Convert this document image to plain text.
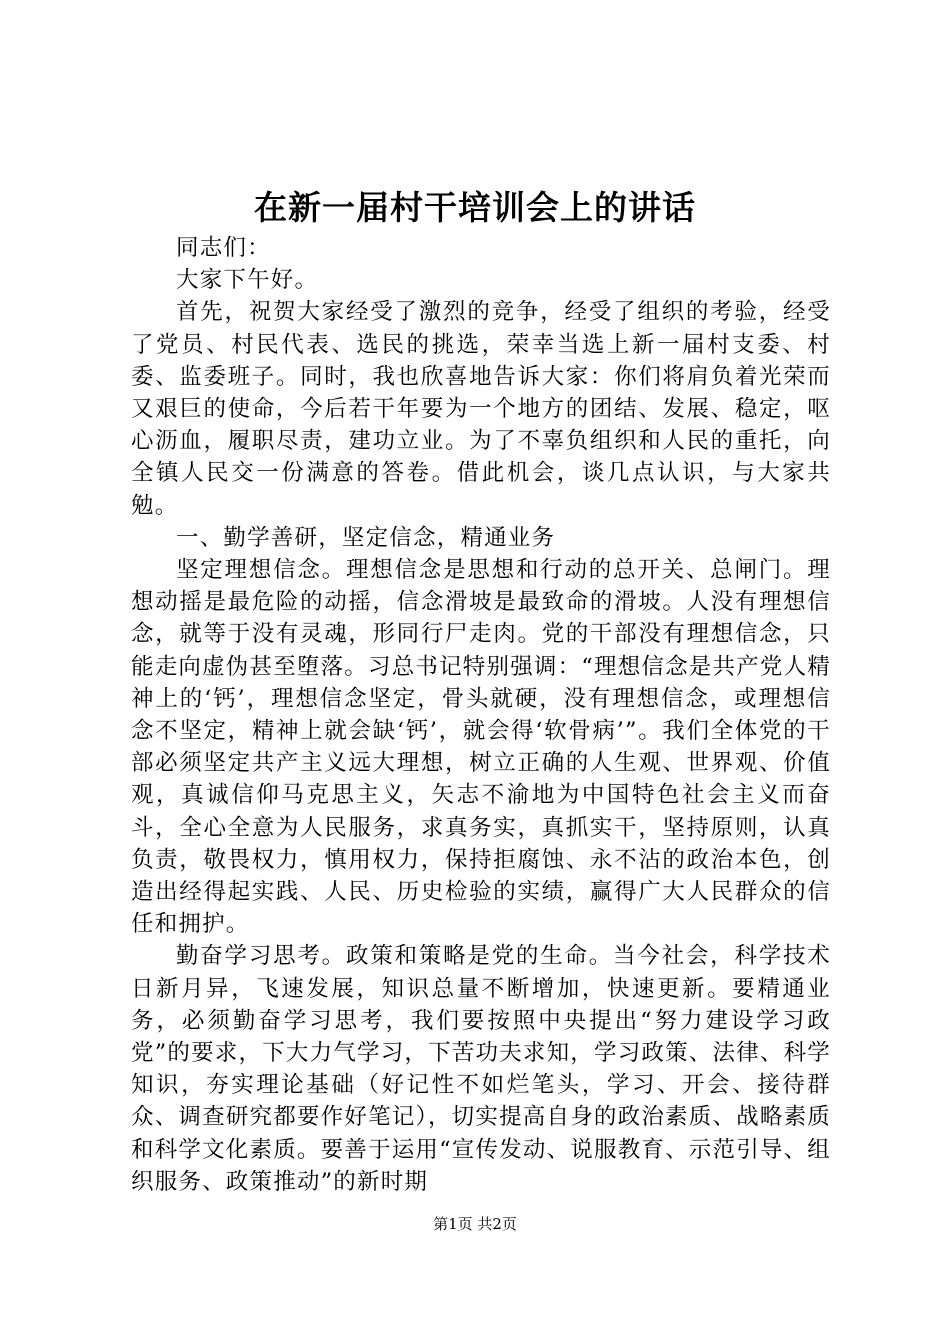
在新一届村干培训会上的讲话

同志们：

大家下午好。

首先，祝贺大家经受了激烈的竞争，经受了组织的考验，经受了党员、村民代表、选民的挑选，荣幸当选上新一届村支委、村委、监委班子。同时，我也欣喜地告诉大家：你们将肩负着光荣而又艰巨的使命，今后若干年要为一个地方的团结、发展、稳定，呕心沥血，履职尽责，建功立业。为了不辜负组织和人民的重托，向全镇人民交一份满意的答卷。借此机会，谈几点认识，与大家共勉。

一、勤学善研，坚定信念，精通业务

坚定理想信念。理想信念是思想和行动的总开关、总闸门。理想动摇是最危险的动摇，信念滑坡是最致命的滑坡。人没有理想信念，就等于没有灵魂，形同行尸走肉。党的干部没有理想信念，只能走向虚伪甚至堕落。习总书记特别强调：“理想信念是共产党人精神上的‘钙’，理想信念坚定，骨头就硬，没有理想信念，或理想信念不坚定，精神上就会缺‘钙’，就会得‘软骨病’”。我们全体党的干部必须坚定共产主义远大理想，树立正确的人生观、世界观、价值观，真诚信仰马克思主义，矢志不渝地为中国特色社会主义而奋斗，全心全意为人民服务，求真务实，真抓实干，坚持原则，认真负责，敬畏权力，慎用权力，保持拒腐蚀、永不沾的政治本色，创造出经得起实践、人民、历史检验的实绩，赢得广大人民群众的信任和拥护。

勤奋学习思考。政策和策略是党的生命。当今社会，科学技术日新月异，飞速发展，知识总量不断增加，快速更新。要精通业务，必须勤奋学习思考，我们要按照中央提出“努力建设学习政党”的要求，下大力气学习，下苦功夫求知，学习政策、法律、科学知识，夯实理论基础（好记性不如烂笔头，学习、开会、接待群众、调查研究都要作好笔记），切实提高自身的政治素质、战略素质和科学文化素质。要善于运用“宣传发动、说服教育、示范引导、组织服务、政策推动”的新时期

第1页 共2页
